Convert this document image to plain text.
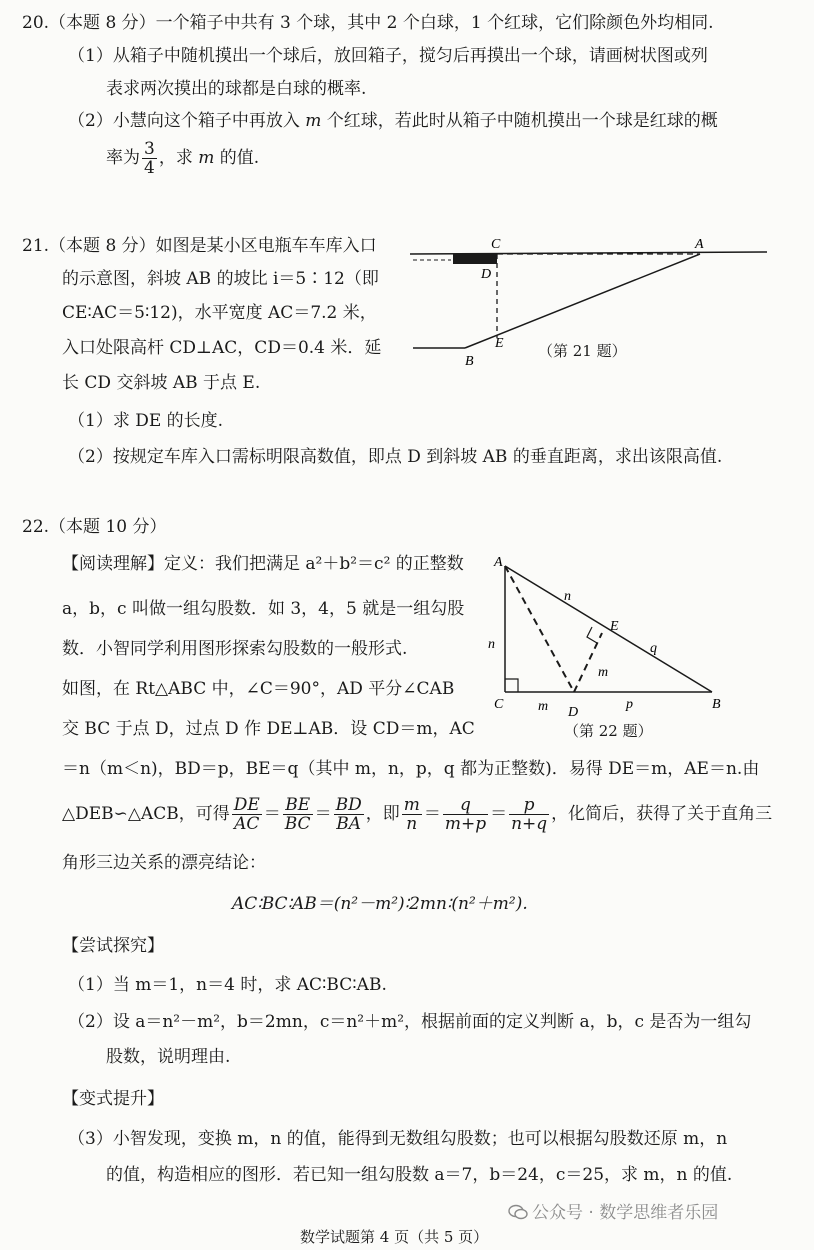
20.（本题 8 分）一个箱子中共有 3 个球，其中 2 个白球，1 个红球，它们除颜色外均相同.
（1）从箱子中随机摸出一个球后，放回箱子，搅匀后再摸出一个球，请画树状图或列
表求两次摸出的球都是白球的概率.
（2）小慧向这个箱子中再放入 m 个红球，若此时从箱子中随机摸出一个球是红球的概
率为 $\frac{3}{4}$ ，求 m 的值.
21.（本题 8 分）如图是某小区电瓶车车库入口
的示意图，斜坡 AB 的坡比 i＝5∶12（即
CE∶AC＝5∶12)，水平宽度 AC＝7.2 米，
入口处限高杆 CD⊥AC，CD＝0.4 米．延
长 CD 交斜坡 AB 于点 E.
（1）求 DE 的长度.
（2）按规定车库入口需标明限高数值，即点 D 到斜坡 AB 的垂直距离，求出该限高值.
C	A
D
E
B
（第 21 题）
22.（本题 10 分）
【阅读理解】定义：我们把满足 a²＋b²＝c² 的正整数
a，b，c 叫做一组勾股数．如 3，4，5 就是一组勾股
数．小智同学利用图形探索勾股数的一般形式.
如图，在 Rt△ABC 中，∠C＝90°，AD 平分∠CAB
交 BC 于点 D，过点 D 作 DE⊥AB．设 CD＝m，AC
＝n（m＜n)，BD＝p，BE＝q（其中 m，n，p，q 都为正整数)．易得 DE＝m，AE＝n.由
△DEB∽△ACB，可得 $\frac{DE}{AC} = \frac{BE}{BC} = \frac{BD}{BA}$ ，即 $\frac{m}{n} = \frac{q}{m+p} = \frac{p}{n+q}$ ，化简后，获得了关于直角三
角形三边关系的漂亮结论：
AC∶BC∶AB＝(n²－m²)∶2mn∶(n²＋m²).
【尝试探究】
（1）当 m＝1，n＝4 时，求 AC∶BC∶AB.
（2）设 a＝n²－m²，b＝2mn，c＝n²＋m²，根据前面的定义判断 a，b，c 是否为一组勾
股数，说明理由.
【变式提升】
（3）小智发现，变换 m，n 的值，能得到无数组勾股数；也可以根据勾股数还原 m，n
的值，构造相应的图形．若已知一组勾股数 a＝7，b＝24，c＝25，求 m，n 的值.
A
n
n
E
q
m
C m D
p	B
（第 22 题）
公众号 · 数学思维者乐园
数学试题第 4 页（共 5 页）
